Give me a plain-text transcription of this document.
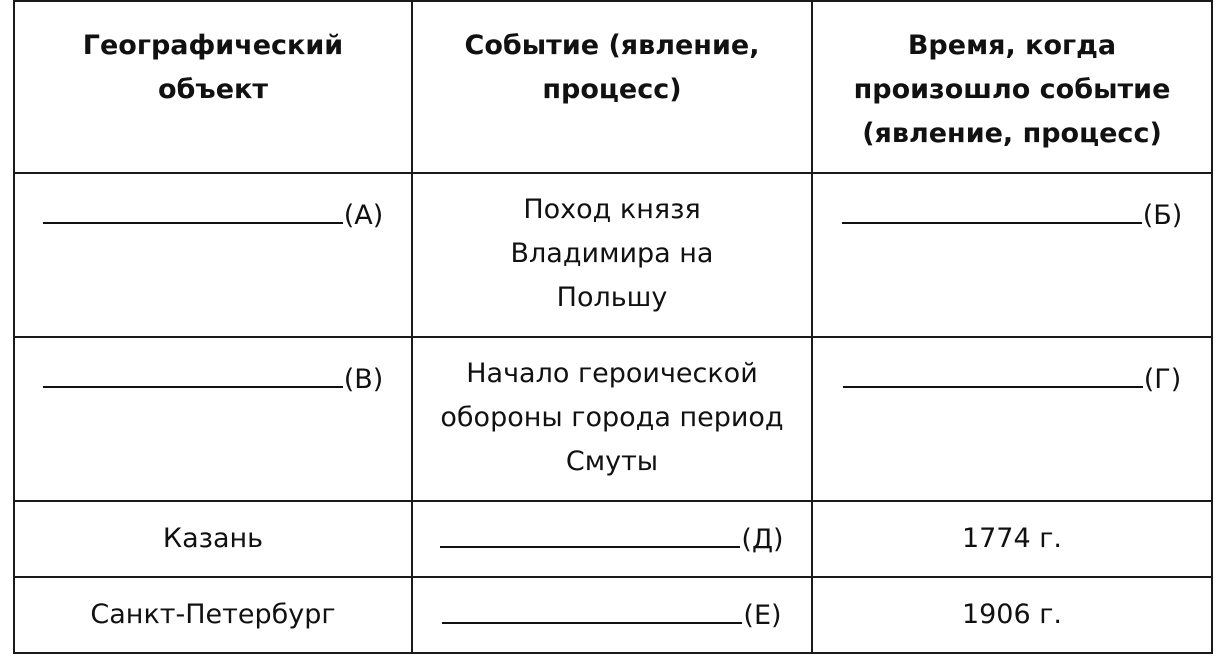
Географический объект	Событие (явление, процесс)	Время, когда произошло событие (явление, процесс)
(А)	Поход князя Владимира на Польшу	(Б)
(В)	Начало героической обороны города период Смуты	(Г)
Казань	(Д)	1774 г.
Санкт-Петербург	(Е)	1906 г.
